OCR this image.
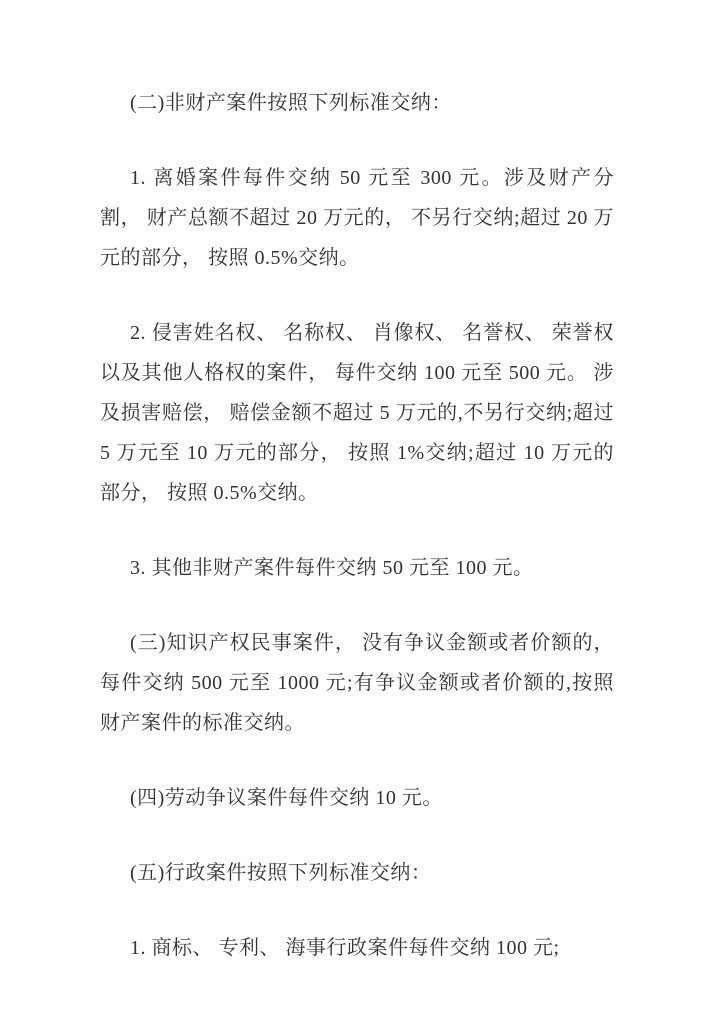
(二)非财产案件按照下列标准交纳：

1. 离婚案件每件交纳 50 元至 300 元。涉及财产分割， 财产总额不超过 20 万元的， 不另行交纳;超过 20 万元的部分， 按照 0.5%交纳。

2. 侵害姓名权、 名称权、 肖像权、 名誉权、 荣誉权以及其他人格权的案件， 每件交纳 100 元至 500 元。 涉及损害赔偿， 赔偿金额不超过 5 万元的,不另行交纳;超过 5 万元至 10 万元的部分， 按照 1%交纳;超过 10 万元的部分， 按照 0.5%交纳。

3. 其他非财产案件每件交纳 50 元至 100 元。

(三)知识产权民事案件， 没有争议金额或者价额的， 每件交纳 500 元至 1000 元;有争议金额或者价额的,按照财产案件的标准交纳。

(四)劳动争议案件每件交纳 10 元。

(五)行政案件按照下列标准交纳：

1. 商标、 专利、 海事行政案件每件交纳 100 元;
